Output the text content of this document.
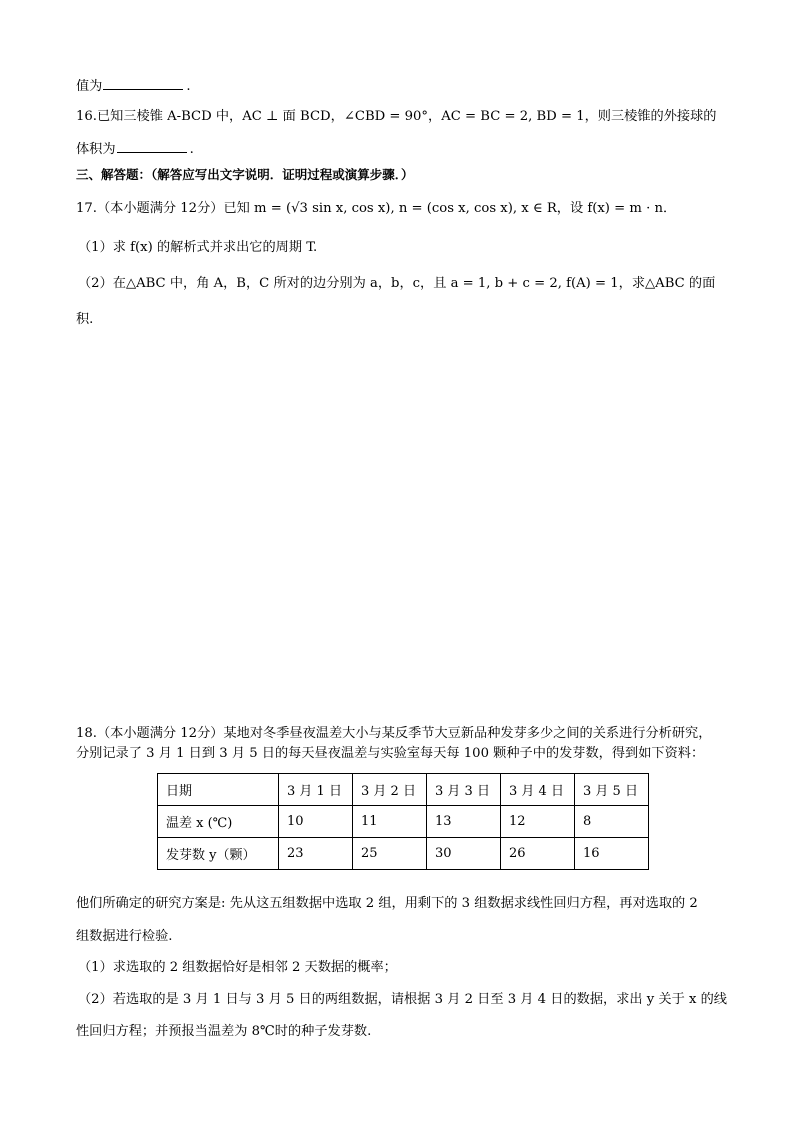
值为	.
16.已知三棱锥 A-BCD 中，AC ⊥ 面 BCD，∠CBD = 90°，AC = BC = 2, BD = 1，则三棱锥的外接球的
体积为	.
三、解答题：（解答应写出文字说明．证明过程或演算步骤．）
17.（本小题满分 12分）已知 m = (√3 sin x, cos x), n = (cos x, cos x), x ∈ R，设 f(x) = m · n．
（1）求 f(x) 的解析式并求出它的周期 T.
（2）在△ABC 中，角 A，B，C 所对的边分别为 a，b，c，且 a = 1, b + c = 2, f(A) = 1，求△ABC 的面
积.
18.（本小题满分 12分）某地对冬季昼夜温差大小与某反季节大豆新品种发芽多少之间的关系进行分析研究，
分别记录了 3 月 1 日到 3 月 5 日的每天昼夜温差与实验室每天每 100 颗种子中的发芽数，得到如下资料：
日期	3 月 1 日	3 月 2 日	3 月 3 日	3 月 4 日	3 月 5 日
温差 x (℃)	10	11	13	12	8
发芽数 y（颗）	23	25	30	26	16
他们所确定的研究方案是: 先从这五组数据中选取 2 组，用剩下的 3 组数据求线性回归方程，再对选取的 2
组数据进行检验.
（1）求选取的 2 组数据恰好是相邻 2 天数据的概率；
（2）若选取的是 3 月 1 日与 3 月 5 日的两组数据，请根据 3 月 2 日至 3 月 4 日的数据，求出 y 关于 x 的线
性回归方程；并预报当温差为 8℃时的种子发芽数.
